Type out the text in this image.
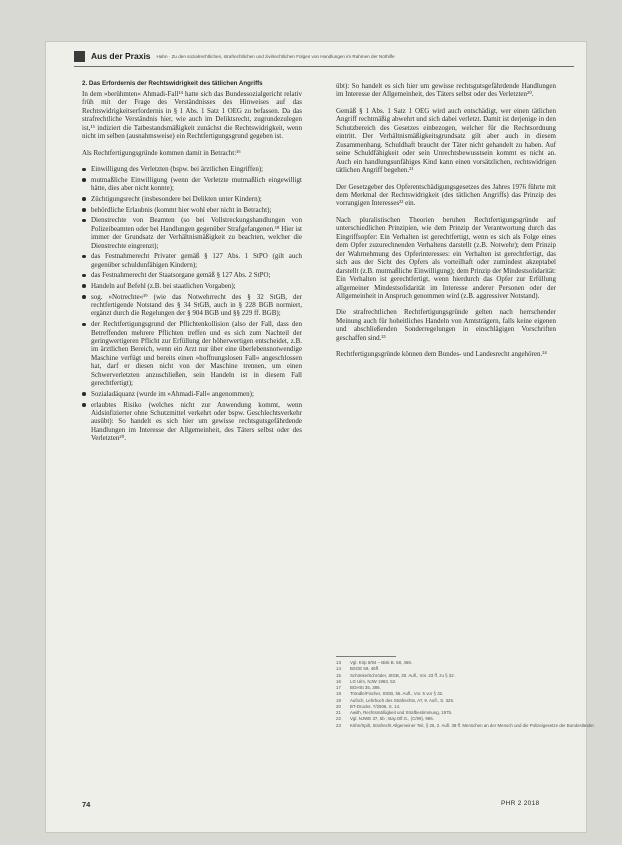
Aus der Praxis Hahn · Zu den sozialrechtlichen, strafrechtlichen und zivilrechtlichen Folgen von Handlungen im Rahmen der Nothilfe

2. Das Erfordernis der Rechtswidrigkeit des tätlichen Angriffs

In dem »berühmten« Ahmadi-Fall¹⁴ hatte sich das Bundessozialgericht relativ früh mit der Frage des Verständnisses des Hinweises auf das Rechtswidrigkeitserfordernis in § 1 Abs. 1 Satz 1 OEG zu befassen. Da das strafrechtliche Verständnis hier, wie auch im Deliktsrecht, zugrundezulegen ist,¹⁵ indiziert die Tatbestandsmäßigkeit zunächst die Rechtswidrigkeit, wenn nicht im selben (ausnahmsweise) ein Rechtfertigungsgrund gegeben ist.

Als Rechtfertigungsgründe kommen damit in Betracht:¹⁶

Einwilligung des Verletzten (bspw. bei ärztlichen Eingriffen);
mutmaßliche Einwilligung (wenn der Verletzte mutmaßlich eingewilligt hätte, dies aber nicht konnte);
Züchtigungsrecht (insbesondere bei Delikten unter Kindern);
behördliche Erlaubnis (kommt hier wohl eher nicht in Betracht);
Dienstrechte von Beamten (so bei Vollstreckungshandlungen von Polizeibeamten oder bei Handlungen gegenüber Strafgefangenen.¹⁸ Hier ist immer der Grundsatz der Verhältnismäßigkeit zu beachten, welcher die Dienstrechte eingrenzt);
das Festnahmerecht Privater gemäß § 127 Abs. 1 StPO (gilt auch gegenüber schuldunfähigen Kindern);
das Festnahmerecht der Staatsorgane gemäß § 127 Abs. 2 StPO;
Handeln auf Befehl (z.B. bei staatlichen Vorgaben);
sog. »Notrechte«¹⁹ (wie das Notwehrrecht des § 32 StGB, der rechtfertigende Notstand des § 34 StGB, auch in § 228 BGB normiert, ergänzt durch die Regelungen der § 904 BGB und §§ 229 ff. BGB);
der Rechtfertigungsgrund der Pflichtenkollision (also der Fall, dass den Betreffenden mehrere Pflichten treffen und es sich zum Nachteil der geringwertigeren Pflicht zur Erfüllung der höherwertigen entscheidet, z.B. im ärztlichen Bereich, wenn ein Arzt nur über eine überlebensnotwendige Maschine verfügt und bereits einen »hoffnungslosen Fall« angeschlossen hat, darf er diesen nicht von der Maschine trennen, um einen Schwerverletzten anzuschließen, sein Handeln ist in diesem Fall gerechtfertigt);
Sozialadäquanz (wurde im »Ahmadi-Fall« angenommen);
erlaubtes Risiko (welches nicht zur Anwendung kommt, wenn Aidsinfizierter ohne Schutzmittel verkehrt oder bspw. Geschlechtsverkehr ausübt): So handelt es sich hier um gewisse rechtsgutsgefährdende Handlungen im Interesse der Allgemeinheit, des Täters selbst oder des Verletzten²⁰.

übt): So handelt es sich hier um gewisse rechtsgutsgefährdende Handlungen im Interesse der Allgemeinheit, des Täters selbst oder des Verletzten²⁰.

Gemäß § 1 Abs. 1 Satz 1 OEG wird auch entschädigt, wer einen tätlichen Angriff rechtmäßig abwehrt und sich dabei verletzt. Damit ist derjenige in den Schutzbereich des Gesetzes einbezogen, welcher für die Rechtsordnung eintritt. Der Verhältnismäßigkeitsgrundsatz gilt aber auch in diesem Zusammenhang. Schuldhaft braucht der Täter nicht gehandelt zu haben. Auf seine Schuldfähigkeit oder sein Unrechtsbewusstsein kommt es nicht an. Auch ein handlungsunfähiges Kind kann einen vorsätzlichen, rechtswidrigen tätlichen Angriff begehen.²¹

Der Gesetzgeber des Opferentschädigungsgesetzes des Jahres 1976 führte mit dem Merkmal der Rechtswidrigkeit (des tätlichen Angriffs) das Prinzip des vorrangigen Interesses²² ein.

Nach pluralistischen Theorien beruhen Rechtfertigungsgründe auf unterschiedlichen Prinzipien, wie dem Prinzip der Verantwortung durch das Eingriffsopfer: Ein Verhalten ist gerechtfertigt, wenn es sich als Folge eines dem Opfer zuzurechnenden Verhaltens darstellt (z.B. Notwehr); dem Prinzip der Wahrnehmung des Opferinteresses: ein Verhalten ist gerechtfertigt, das sich aus der Sicht des Opfers als vorteilhaft oder zumindest akzeptabel darstellt (z.B. mutmaßliche Einwilligung); dem Prinzip der Mindestsolidarität: Ein Verhalten ist gerechtfertigt, wenn hierdurch das Opfer zur Erfüllung allgemeiner Mindestsolidarität im Interesse anderer Personen oder der Allgemeinheit in Anspruch genommen wird (z.B. aggressiver Notstand).

Die strafrechtlichen Rechtfertigungsgründe gelten nach herrschender Meinung auch für hoheitliches Handeln von Amtsträgern, falls keine eigenen und abschließenden Sonderregelungen in einschlägigen Vorschriften geschaffen sind.²³

Rechtfertigungsgründe können dem Bundes- und Landesrecht angehören.²⁴

13	Vgl. Kirp 5/94 – Bisk B. 58, 468.
14	BSGE 59, 46ff.
15	Schönke/Schröder, StGB, 30. Aufl., Vor. 23 ff. zu § 32.
16	LG Ulm, NJW 1993, 52.
17	BGHSt 35, 386.
18	Tröndle/Fischer, StGB, 55. Aufl., Vor. 5 vor § 32.
19	Aufsch, Lehrbuch des Strafrechts, AT, 9. Aufl., S. 325.
20	BT-Drucks. 7/2506, S. 14.
21	Awith, Rechtsmäßigkeit und Strafbestimmung, 1975.
22	Vgl. NJWE 37, 5b ; Bay.Olf.G., (C/99), 996.
23	Kühn/Spilt, Strafrecht Allgemeiner Teil, § 26, 2. Aufl. 38 ff. Menschen an der Mensch und die Polizeigesetze der Bundesländer.
74	PHR 2 2018
